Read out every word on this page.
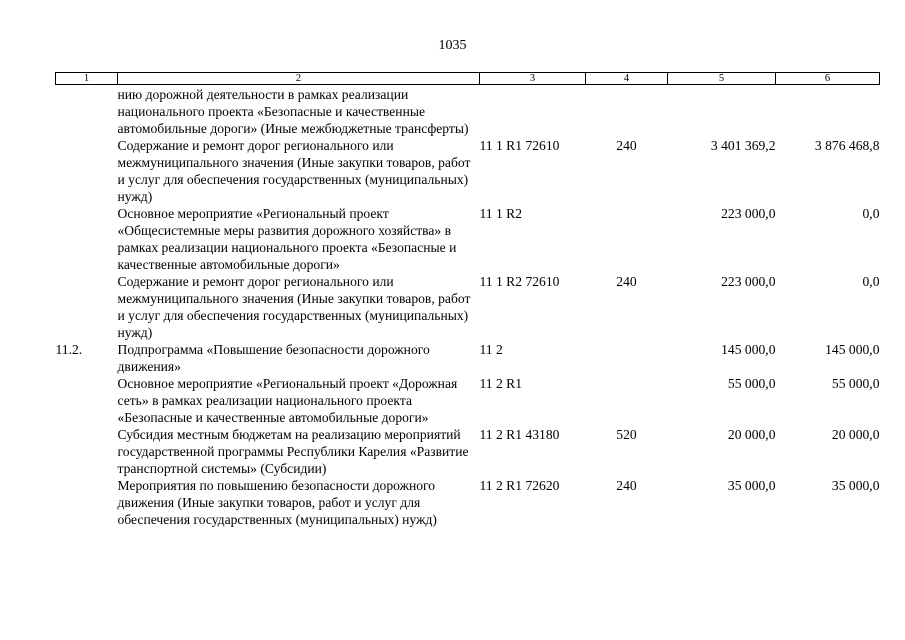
1035
1	2	3	4	5	6
	нию дорожной деятельности в рамках реализации национального проекта «Безопасные и качественные автомобильные дороги» (Иные межбюджетные трансферты)				
	Содержание и ремонт дорог регионального или межмуниципального значения (Иные закупки товаров, работ и услуг для обеспечения государственных (муниципальных) нужд)	11 1 R1 72610	240	3 401 369,2	3 876 468,8
	Основное мероприятие «Региональный проект «Общесистемные меры развития дорожного хозяйства» в рамках реализации национального проекта «Безопасные и качественные автомобильные дороги»	11 1 R2		223 000,0	0,0
	Содержание и ремонт дорог регионального или межмуниципального значения (Иные закупки товаров, работ и услуг для обеспечения государственных (муниципальных) нужд)	11 1 R2 72610	240	223 000,0	0,0
11.2.	Подпрограмма «Повышение безопасности дорожного движения»	11 2		145 000,0	145 000,0
	Основное мероприятие «Региональный проект «Дорожная сеть» в рамках реализации национального проекта «Безопасные и качественные автомобильные дороги»	11 2 R1		55 000,0	55 000,0
	Субсидия местным бюджетам на реализацию мероприятий государственной программы Республики Карелия «Развитие транспортной системы» (Субсидии)	11 2 R1 43180	520	20 000,0	20 000,0
	Мероприятия по повышению безопасности дорожного движения (Иные закупки товаров, работ и услуг для обеспечения государственных (муниципальных) нужд)	11 2 R1 72620	240	35 000,0	35 000,0
